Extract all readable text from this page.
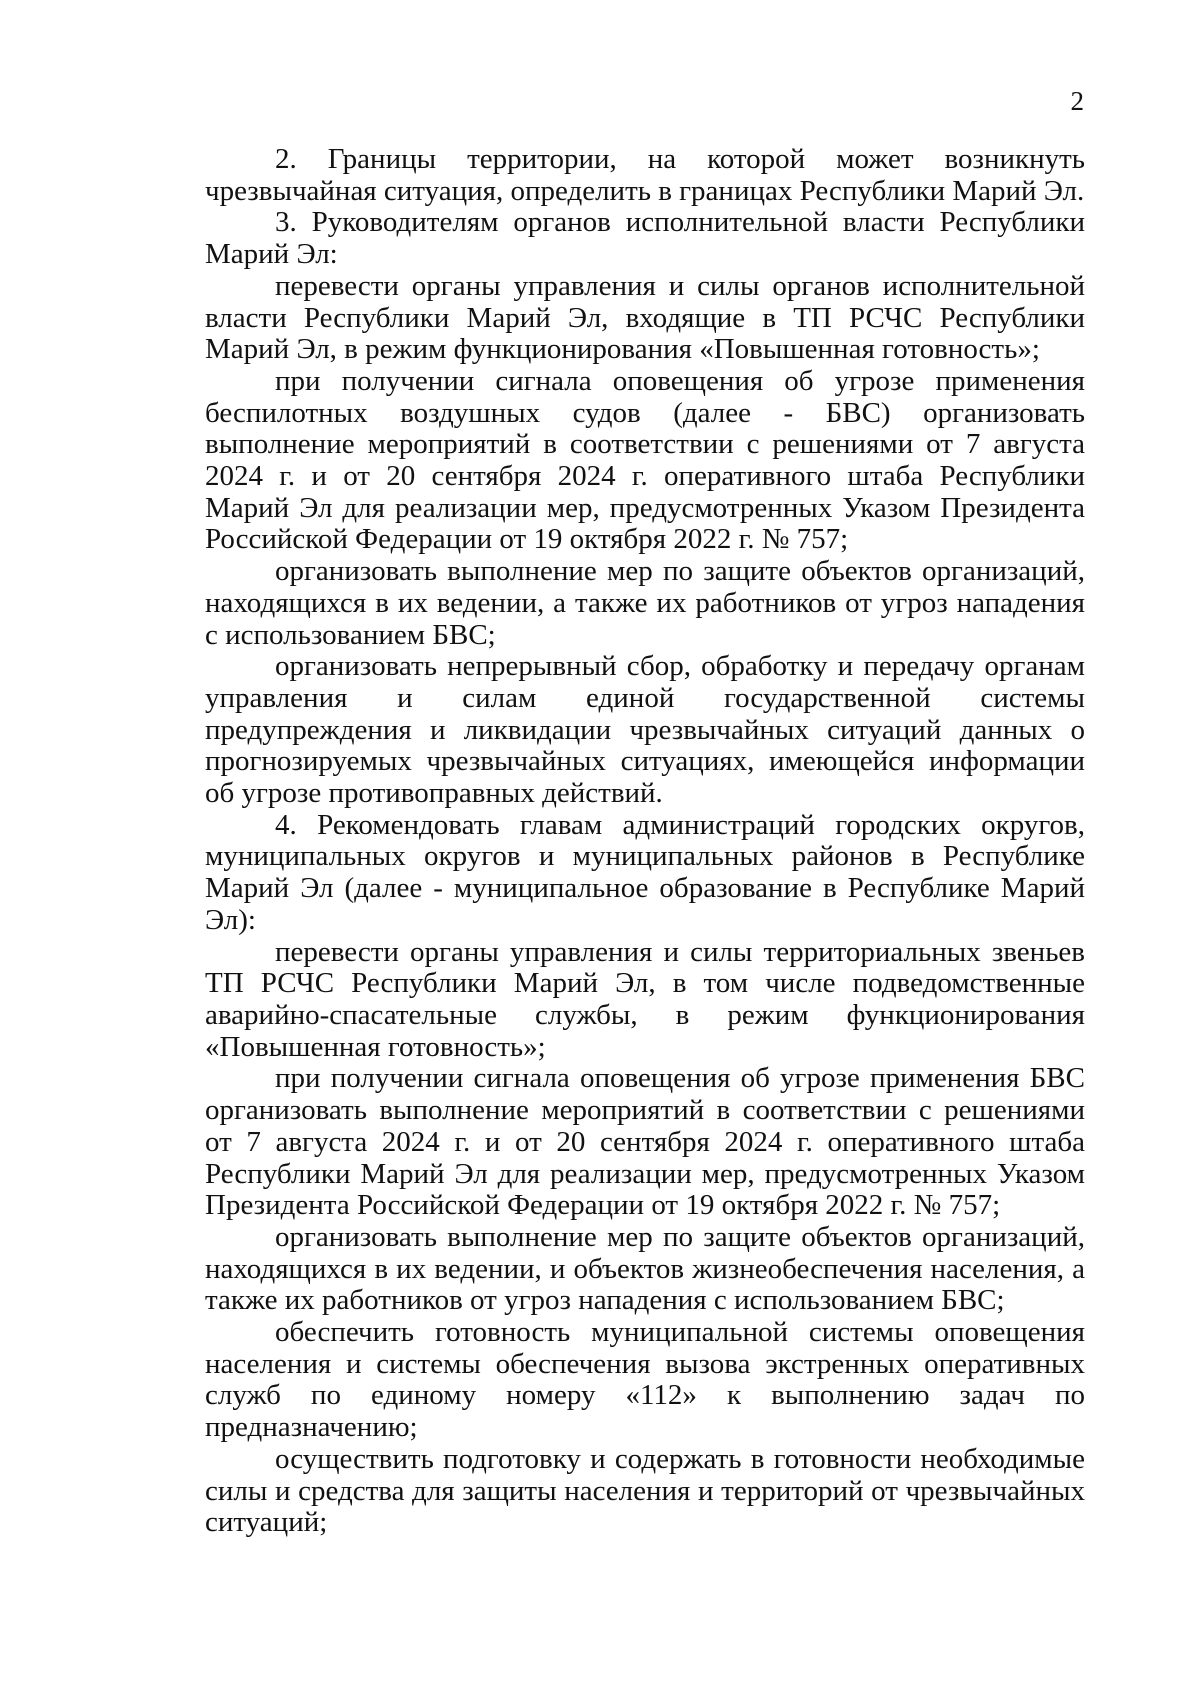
2

2. Границы территории, на которой может возникнуть чрезвычайная ситуация, определить в границах Республики Марий Эл.

3. Руководителям органов исполнительной власти Республики Марий Эл:

перевести органы управления и силы органов исполнительной власти Республики Марий Эл, входящие в ТП РСЧС Республики Марий Эл, в режим функционирования «Повышенная готовность»;

при получении сигнала оповещения об угрозе применения беспилотных воздушных судов (далее - БВС) организовать выполнение мероприятий в соответствии с решениями от 7 августа 2024 г. и от 20 сентября 2024 г. оперативного штаба Республики Марий Эл для реализации мер, предусмотренных Указом Президента Российской Федерации от 19 октября 2022 г. № 757;

организовать выполнение мер по защите объектов организаций, находящихся в их ведении, а также их работников от угроз нападения с использованием БВС;

организовать непрерывный сбор, обработку и передачу органам управления и силам единой государственной системы предупреждения и ликвидации чрезвычайных ситуаций данных о прогнозируемых чрезвычайных ситуациях, имеющейся информации об угрозе противоправных действий.

4. Рекомендовать главам администраций городских округов, муниципальных округов и муниципальных районов в Республике Марий Эл (далее - муниципальное образование в Республике Марий Эл):

перевести органы управления и силы территориальных звеньев ТП РСЧС Республики Марий Эл, в том числе подведомственные аварийно-спасательные службы, в режим функционирования «Повышенная готовность»;

при получении сигнала оповещения об угрозе применения БВС организовать выполнение мероприятий в соответствии с решениями от 7 августа 2024 г. и от 20 сентября 2024 г. оперативного штаба Республики Марий Эл для реализации мер, предусмотренных Указом Президента Российской Федерации от 19 октября 2022 г. № 757;

организовать выполнение мер по защите объектов организаций, находящихся в их ведении, и объектов жизнеобеспечения населения, а также их работников от угроз нападения с использованием БВС;

обеспечить готовность муниципальной системы оповещения населения и системы обеспечения вызова экстренных оперативных служб по единому номеру «112» к выполнению задач по предназначению;

осуществить подготовку и содержать в готовности необходимые силы и средства для защиты населения и территорий от чрезвычайных ситуаций;
